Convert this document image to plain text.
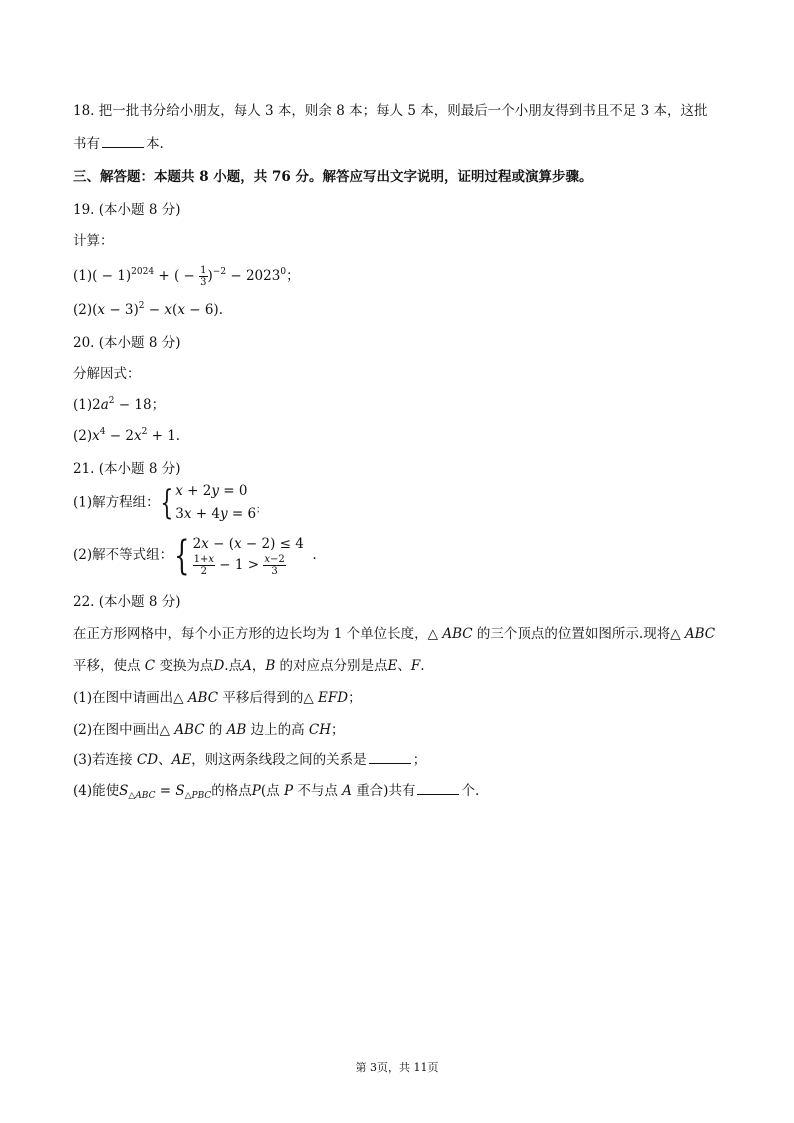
18. 把一批书分给小朋友，每人 3 本，则余 8 本；每人 5 本，则最后一个小朋友得到书且不足 3 本，这批
书有	本.
三、解答题：本题共 8 小题，共 76 分。解答应写出文字说明，证明过程或演算步骤。
19. (本小题 8 分)
计算：
$(1)( - 1)^{2024}$ + ( − $\frac{1}{3} )^{-2} - 2023^0$；
$(2)(x - 3)^2 - x(x - 6)$.
20. (本小题 8 分)
分解因式：
$(1)2a^2 - 18$；
$(2)x^4 - 2x^2 + 1$.
21. (本小题 8 分)
(1)解方程组：{ x + 2y = 0
3x + 4y = 6；
(2)解不等式组：{ 2x − (x − 2) ≤ 4
$\frac{1+x}{2} - 1 > \frac{x-2}{3}$ .
22. (本小题 8 分)
在正方形网格中，每个小正方形的边长均为 1 个单位长度，△ ABC 的三个顶点的位置如图所示.现将△ ABC
平移，使点 C 变换为点D.点A，B 的对应点分别是点E、F.
(1)在图中请画出△ ABC 平移后得到的△ EFD；
(2)在图中画出△ ABC 的 AB 边上的高 CH；
(3)若连接 CD、AE，则这两条线段之间的关系是	；
(4)能使$S_{\triangle ABC} = S_{\triangle PBC}$的格点P(点 P 不与点 A 重合)共有	个.
第 3页，共 11页
